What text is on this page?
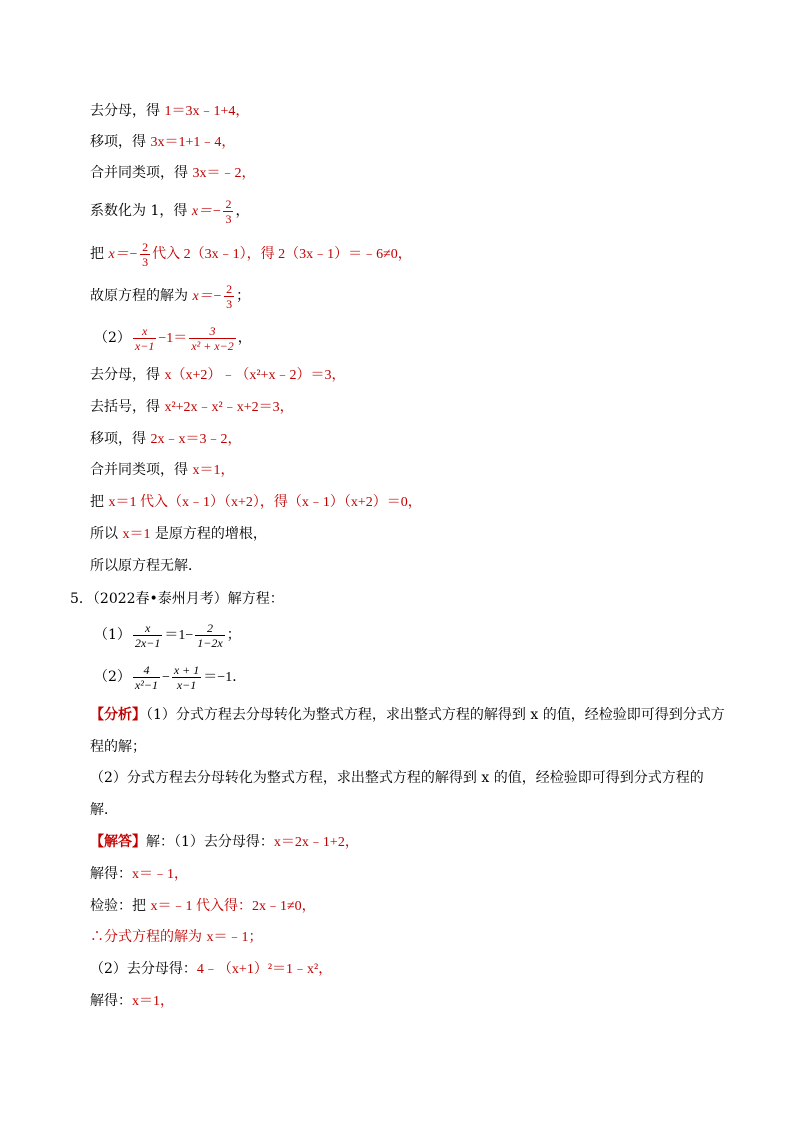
去分母，得 1＝3x﹣1+4，
移项，得 3x＝1+1﹣4，
合并同类项，得 3x＝﹣2，
系数化为 1，得 $x=- \frac{2}{3}$ ，
把 $x=- \frac{2}{3}$ 代入 2（3x﹣1），得 2（3x﹣1）＝﹣6≠0，
故原方程的解为 $x=- \frac{2}{3}$ ；
$(2) \frac{x}{x-1} -1= \frac{3}{\text{x² + x−2}}$ ，
去分母，得 x（x+2）﹣（x²+x﹣2）＝3，
去括号，得 x²+2x﹣x²﹣x+2＝3，
移项，得 2x﹣x＝3﹣2，
合并同类项，得 x＝1，
把 x＝1 代入（x﹣1）（x+2），得（x﹣1）（x+2）＝0，
所以 x＝1 是原方程的增根，
所以原方程无解．
5．（2022春•泰州月考）解方程：
$(1) \frac{x}{2x-1} =1- \frac{2}{1-2x}$ ；
$(2) \frac{4}{\text{x²−1}} - \frac{x + 1}{x-1} =-1$．
【分析】（1）分式方程去分母转化为整式方程，求出整式方程的解得到 x 的值，经检验即可得到分式方
程的解；
（2）分式方程去分母转化为整式方程，求出整式方程的解得到 x 的值，经检验即可得到分式方程的
解．
【解答】解：（1）去分母得：x＝2x﹣1+2，
解得：x＝﹣1，
检验：把 x＝﹣1 代入得：2x﹣1≠0，
∴分式方程的解为 x＝﹣1；
（2）去分母得：4﹣（x+1）²＝1﹣x²，
解得：x＝1，
